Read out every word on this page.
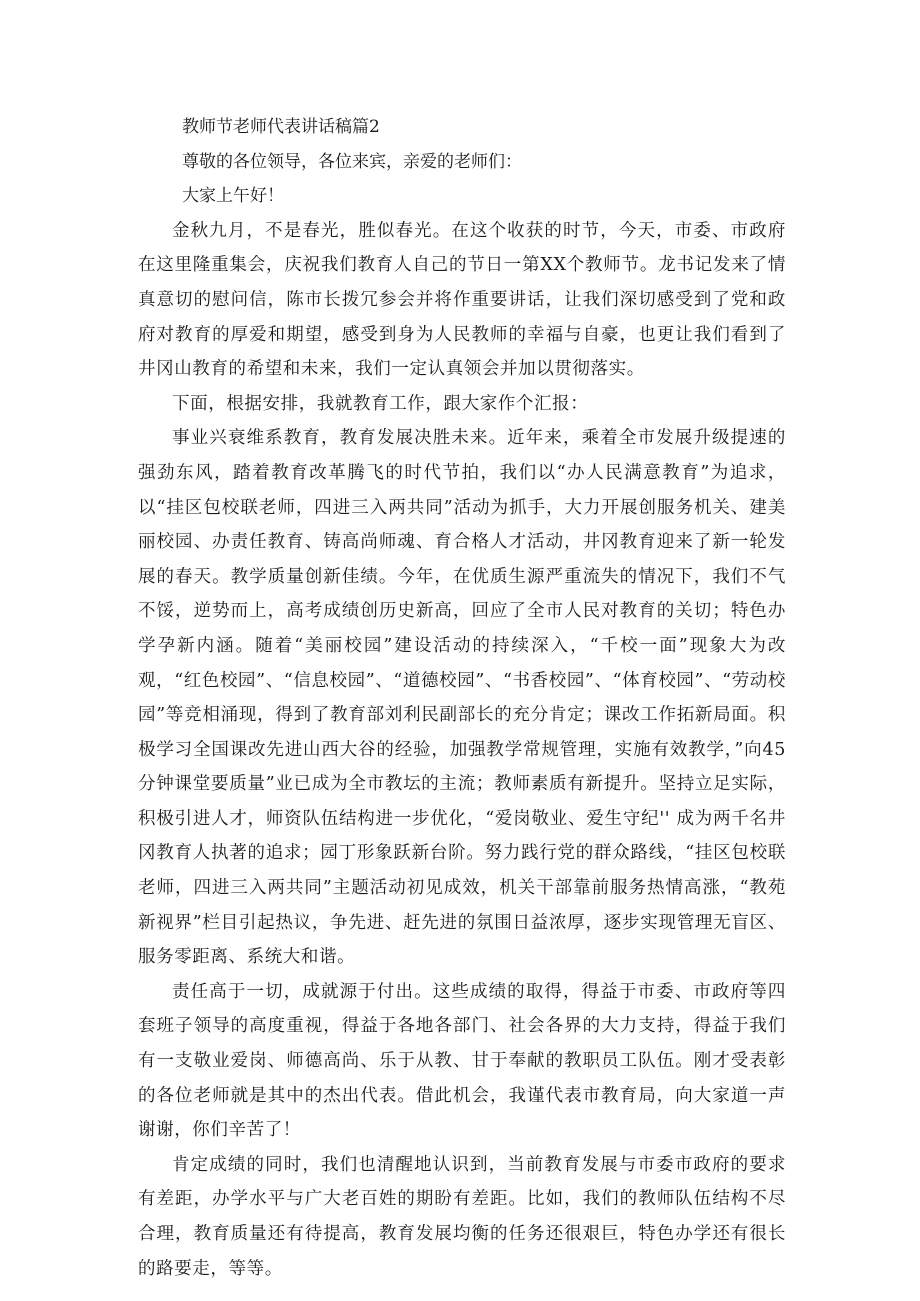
教师节老师代表讲话稿篇2

尊敬的各位领导，各位来宾，亲爱的老师们：

大家上午好！

金秋九月，不是春光，胜似春光。在这个收获的时节，今天，市委、市政府在这里隆重集会，庆祝我们教育人自己的节日一第XX个教师节。龙书记发来了情真意切的慰问信，陈市长拨冗参会并将作重要讲话，让我们深切感受到了党和政府对教育的厚爱和期望，感受到身为人民教师的幸福与自豪，也更让我们看到了井冈山教育的希望和未来，我们一定认真领会并加以贯彻落实。

下面，根据安排，我就教育工作，跟大家作个汇报：

事业兴衰维系教育，教育发展决胜未来。近年来，乘着全市发展升级提速的强劲东风，踏着教育改革腾飞的时代节拍，我们以“办人民满意教育”为追求，以“挂区包校联老师，四进三入两共同”活动为抓手，大力开展创服务机关、建美丽校园、办责任教育、铸高尚师魂、育合格人才活动，井冈教育迎来了新一轮发展的春天。教学质量创新佳绩。今年，在优质生源严重流失的情况下，我们不气不馁，逆势而上，高考成绩创历史新高，回应了全市人民对教育的关切；特色办学孕新内涵。随着“美丽校园”建设活动的持续深入，“千校一面”现象大为改观，“红色校园”、“信息校园”、“道德校园”、“书香校园”、“体育校园”、“劳动校园”等竞相涌现，得到了教育部刘利民副部长的充分肯定；课改工作拓新局面。积极学习全国课改先进山西大谷的经验，加强教学常规管理，实施有效教学，”向45分钟课堂要质量”业已成为全市教坛的主流；教师素质有新提升。坚持立足实际，积极引进人才，师资队伍结构进一步优化，“爱岗敬业、爱生守纪'' 成为两千名井冈教育人执著的追求；园丁形象跃新台阶。努力践行党的群众路线，“挂区包校联老师，四进三入两共同”主题活动初见成效，机关干部靠前服务热情高涨，“教苑新视界”栏目引起热议，争先进、赶先进的氛围日益浓厚，逐步实现管理无盲区、服务零距离、系统大和谐。

责任高于一切，成就源于付出。这些成绩的取得，得益于市委、市政府等四套班子领导的高度重视，得益于各地各部门、社会各界的大力支持，得益于我们有一支敬业爱岗、师德高尚、乐于从教、甘于奉献的教职员工队伍。刚才受表彰的各位老师就是其中的杰出代表。借此机会，我谨代表市教育局，向大家道一声谢谢，你们辛苦了！

肯定成绩的同时，我们也清醒地认识到，当前教育发展与市委市政府的要求有差距，办学水平与广大老百姓的期盼有差距。比如，我们的教师队伍结构不尽合理，教育质量还有待提高，教育发展均衡的任务还很艰巨，特色办学还有很长的路要走，等等。
